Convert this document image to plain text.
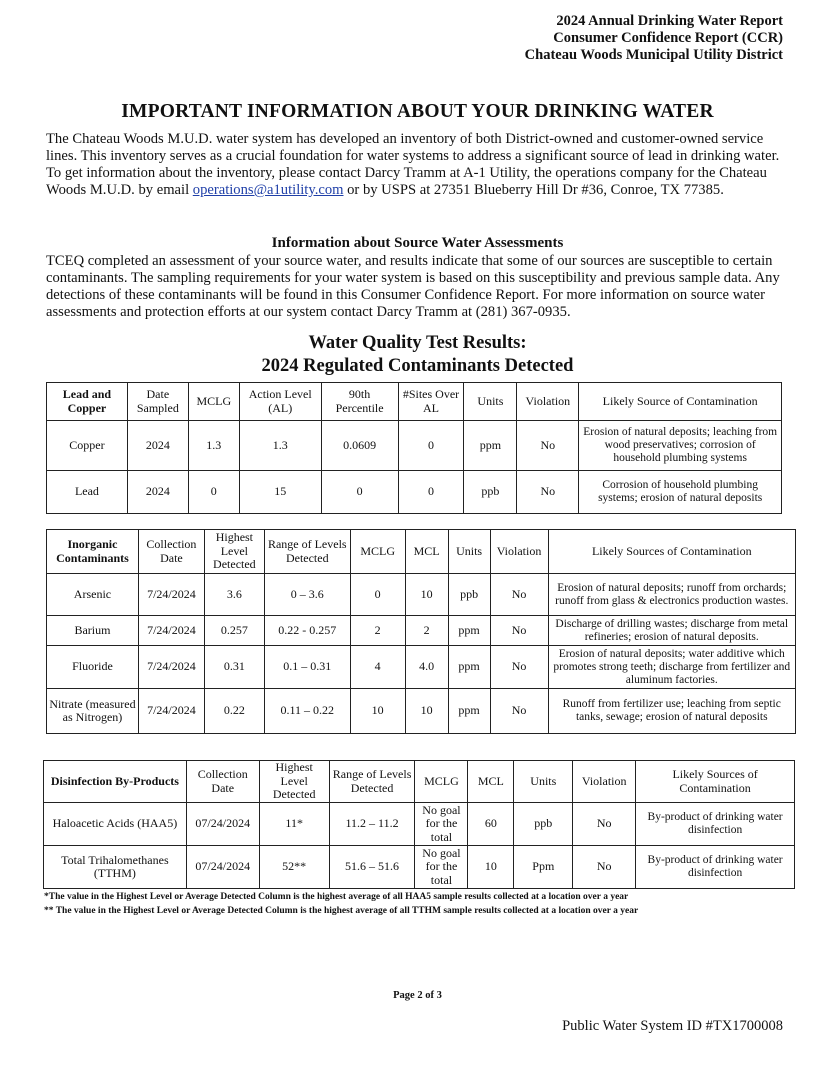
2024 Annual Drinking Water Report
Consumer Confidence Report (CCR)
Chateau Woods Municipal Utility District
IMPORTANT INFORMATION ABOUT YOUR DRINKING WATER
The Chateau Woods M.U.D. water system has developed an inventory of both District-owned and customer-owned service lines. This inventory serves as a crucial foundation for water systems to address a significant source of lead in drinking water. To get information about the inventory, please contact Darcy Tramm at A-1 Utility, the operations company for the Chateau Woods M.U.D. by email operations@a1utility.com or by USPS at 27351 Blueberry Hill Dr #36, Conroe, TX 77385.
Information about Source Water Assessments
TCEQ completed an assessment of your source water, and results indicate that some of our sources are susceptible to certain contaminants. The sampling requirements for your water system is based on this susceptibility and previous sample data. Any detections of these contaminants will be found in this Consumer Confidence Report. For more information on source water assessments and protection efforts at our system contact Darcy Tramm at (281) 367-0935.
Water Quality Test Results:
2024 Regulated Contaminants Detected
Lead and Copper	Date Sampled	MCLG	Action Level (AL)	90th Percentile	#Sites Over AL	Units	Violation	Likely Source of Contamination
Copper	2024	1.3	1.3	0.0609	0	ppm	No	Erosion of natural deposits; leaching from wood preservatives; corrosion of household plumbing systems
Lead	2024	0	15	0	0	ppb	No	Corrosion of household plumbing systems; erosion of natural deposits
Inorganic Contaminants	Collection Date	Highest Level Detected	Range of Levels Detected	MCLG	MCL	Units	Violation	Likely Sources of Contamination
Arsenic	7/24/2024	3.6	0 – 3.6	0	10	ppb	No	Erosion of natural deposits; runoff from orchards; runoff from glass & electronics production wastes.
Barium	7/24/2024	0.257	0.22 - 0.257	2	2	ppm	No	Discharge of drilling wastes; discharge from metal refineries; erosion of natural deposits.
Fluoride	7/24/2024	0.31	0.1 – 0.31	4	4.0	ppm	No	Erosion of natural deposits; water additive which promotes strong teeth; discharge from fertilizer and aluminum factories.
Nitrate (measured as Nitrogen)	7/24/2024	0.22	0.11 – 0.22	10	10	ppm	No	Runoff from fertilizer use; leaching from septic tanks, sewage; erosion of natural deposits
Disinfection By-Products	Collection Date	Highest Level Detected	Range of Levels Detected	MCLG	MCL	Units	Violation	Likely Sources of Contamination
Haloacetic Acids (HAA5)	07/24/2024	11*	11.2 – 11.2	No goal for the total	60	ppb	No	By-product of drinking water disinfection
Total Trihalomethanes (TTHM)	07/24/2024	52**	51.6 – 51.6	No goal for the total	10	Ppm	No	By-product of drinking water disinfection
*The value in the Highest Level or Average Detected Column is the highest average of all HAA5 sample results collected at a location over a year
** The value in the Highest Level or Average Detected Column is the highest average of all TTHM sample results collected at a location over a year
Page 2 of 3
Public Water System ID #TX1700008
